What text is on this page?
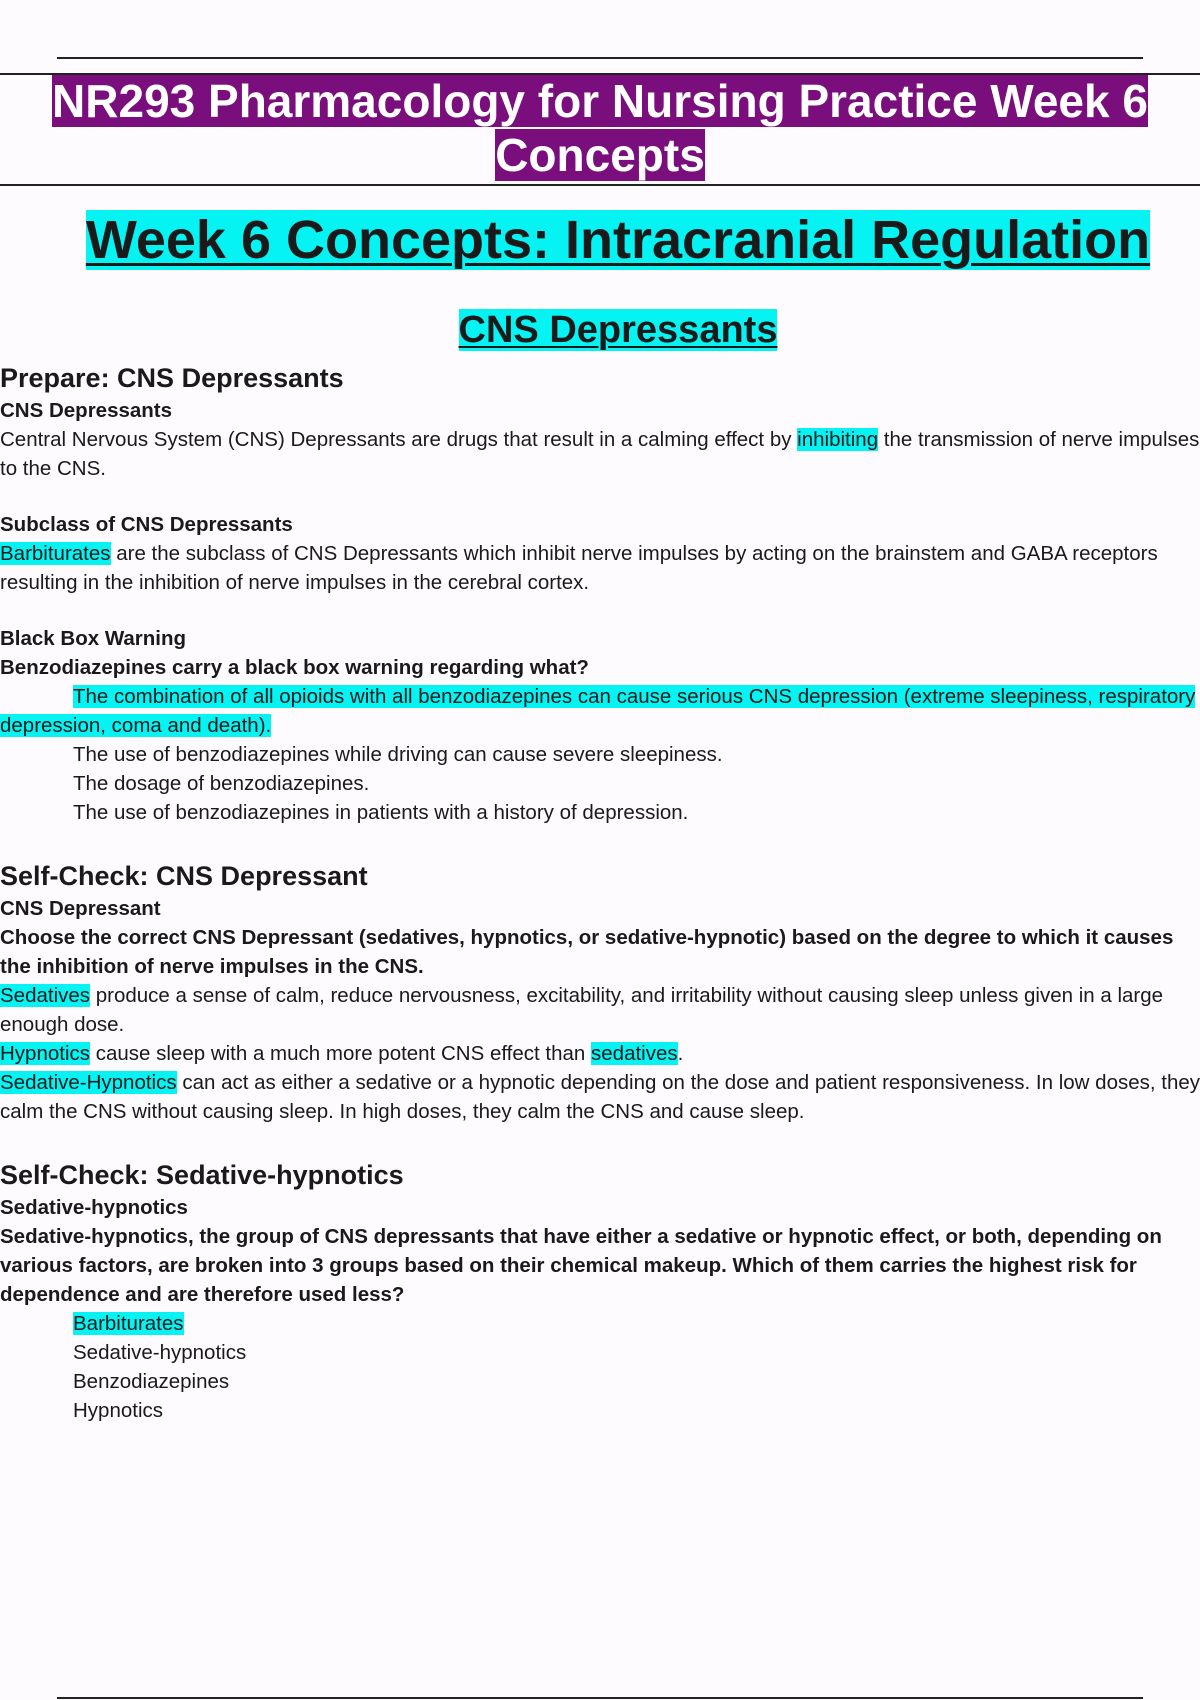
NR293 Pharmacology for Nursing Practice Week 6
Concepts
Week 6 Concepts: Intracranial Regulation
CNS Depressants

Prepare: CNS Depressants

CNS Depressants

Central Nervous System (CNS) Depressants are drugs that result in a calming effect by inhibiting the transmission of nerve impulses to the CNS.

Subclass of CNS Depressants

Barbiturates are the subclass of CNS Depressants which inhibit nerve impulses by acting on the brainstem and GABA receptors resulting in the inhibition of nerve impulses in the cerebral cortex.

Black Box Warning

Benzodiazepines carry a black box warning regarding what?

The combination of all opioids with all benzodiazepines can cause serious CNS depression (extreme sleepiness, respiratory depression, coma and death).

The use of benzodiazepines while driving can cause severe sleepiness.

The dosage of benzodiazepines.

The use of benzodiazepines in patients with a history of depression.

Self-Check: CNS Depressant

CNS Depressant

Choose the correct CNS Depressant (sedatives, hypnotics, or sedative-hypnotic) based on the degree to which it causes the inhibition of nerve impulses in the CNS.

Sedatives produce a sense of calm, reduce nervousness, excitability, and irritability without causing sleep unless given in a large enough dose.

Hypnotics cause sleep with a much more potent CNS effect than sedatives.

Sedative-Hypnotics can act as either a sedative or a hypnotic depending on the dose and patient responsiveness. In low doses, they calm the CNS without causing sleep. In high doses, they calm the CNS and cause sleep.

Self-Check: Sedative-hypnotics

Sedative-hypnotics

Sedative-hypnotics, the group of CNS depressants that have either a sedative or hypnotic effect, or both, depending on various factors, are broken into 3 groups based on their chemical makeup. Which of them carries the highest risk for dependence and are therefore used less?

Barbiturates

Sedative-hypnotics

Benzodiazepines

Hypnotics
